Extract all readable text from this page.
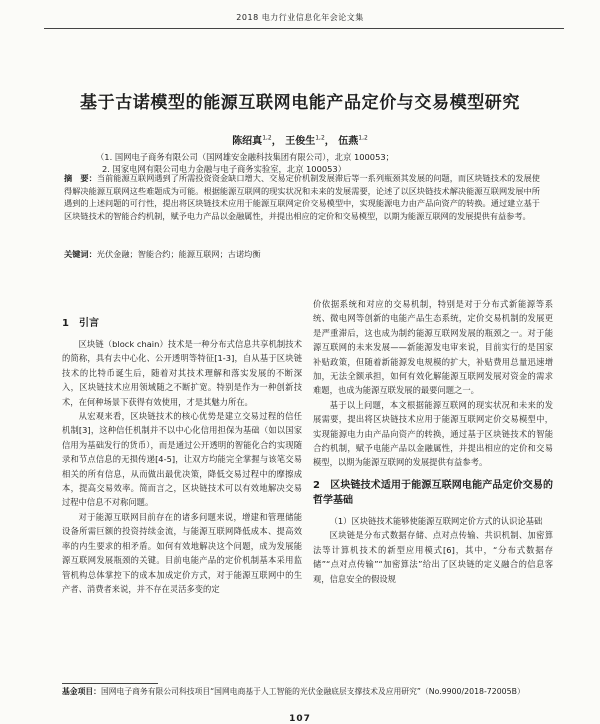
2018 电力行业信息化年会论文集
基于古诺模型的能源互联网电能产品定价与交易模型研究
陈绍真$^{1,2}$， 王俊生$^{1,2}$， 伍燕$^{1,2}$
（1. 国网电子商务有限公司（国网雄安金融科技集团有限公司），北京 100053；
2. 国家电网有限公司电力金融与电子商务实验室，北京 100053）
摘　要：当前能源互联网遇到了所需投资资金缺口增大、交易定价机制发展滞后等一系列瓶颈其发展的问题，而区块链技术的发展使得解决能源互联网这些难题成为可能。根据能源互联网的现实状况和未来的发展需要，论述了以区块链技术解决能源互联网发展中所遇到的上述问题的可行性，提出将区块链技术应用于能源互联网定价交易模型中，实现能源电力由产品向资产的转换。通过建立基于区块链技术的智能合约机制，赋予电力产品以金融属性，并提出相应的定价和交易模型，以期为能源互联网的发展提供有益参考。
关键词：光伏金融；智能合约；能源互联网；古诺均衡
1　引言

区块链（block chain）技术是一种分布式信息共享机制技术的简称，具有去中心化、公开透明等特征[1-3]，自从基于区块链技术的比特币诞生后，随着对其技术理解和落实发展的不断深入，区块链技术应用领域随之不断扩宽。特别是作为一种创新技术，在何种场景下获得有效使用，才是其魅力所在。

从宏观来看，区块链技术的核心优势是建立交易过程的信任机制[3]，这种信任机制并不以中心化信用担保为基础（如以国家信用为基础发行的货币），而是通过公开透明的智能化合约实现随录和节点信息的无损传递[4-5]，让双方均能完全掌握与该笔交易相关的所有信息，从而做出最优决策，降低交易过程中的摩擦成本，提高交易效率。简而言之，区块链技术可以有效地解决交易过程中信息不对称问题。

对于能源互联网目前存在的诸多问题来说，增建和管理储能设备所需巨额的投资持续金流，与能源互联网降低成本、提高效率的内生要求的相矛盾。如何有效地解决这个问题，成为发展能源互联网发展瓶颈的关键。目前电能产品的定价机制基本采用监管机构总体掌控下的成本加成定价方式，对于能源互联网中的生产者、消费者来说，并不存在灵活多变的定

价依据系统和对应的交易机制，特别是对于分布式新能源等系统、微电网等创新的电能产品生态系统，定价交易机制的发展更是严重滞后，这也成为制约能源互联网发展的瓶颈之一。对于能源互联网的未来发展——新能源发电审来说，目前实行的是国家补贴政策，但随着新能源发电规模的扩大，补贴费用总量迅速增加，无法全额承担，如何有效化解能源互联网发展对资金的需求难题，也成为能源互联发展的最要问题之一。

基于以上问题，本文根据能源互联网的现实状况和未来的发展需要，提出将区块链技术应用于能源互联网定价交易模型中，实现能源电力由产品向资产的转换，通过基于区块链技术的智能合约机制，赋予电能产品以金融属性，并提出相应的定价和交易模型，以期为能源互联网的发展提供有益参考。

2　区块链技术适用于能源互联网电能产品定价交易的哲学基础

（1）区块链技术能够使能源互联网定价方式的认识论基础

区块链是分布式数据存储、点对点传输、共识机制、加密算法等计算机技术的新型应用模式[6]，其中，“分布式数据存储”“点对点传输”“加密算法”给出了区块链的定义融合的信息客观，信息安全的假设规

基金项目：国网电子商务有限公司科技项目“国网电商基于人工智能的光伏金融底层支撑技术及应用研究”（No.9900/2018-72005B）
107
